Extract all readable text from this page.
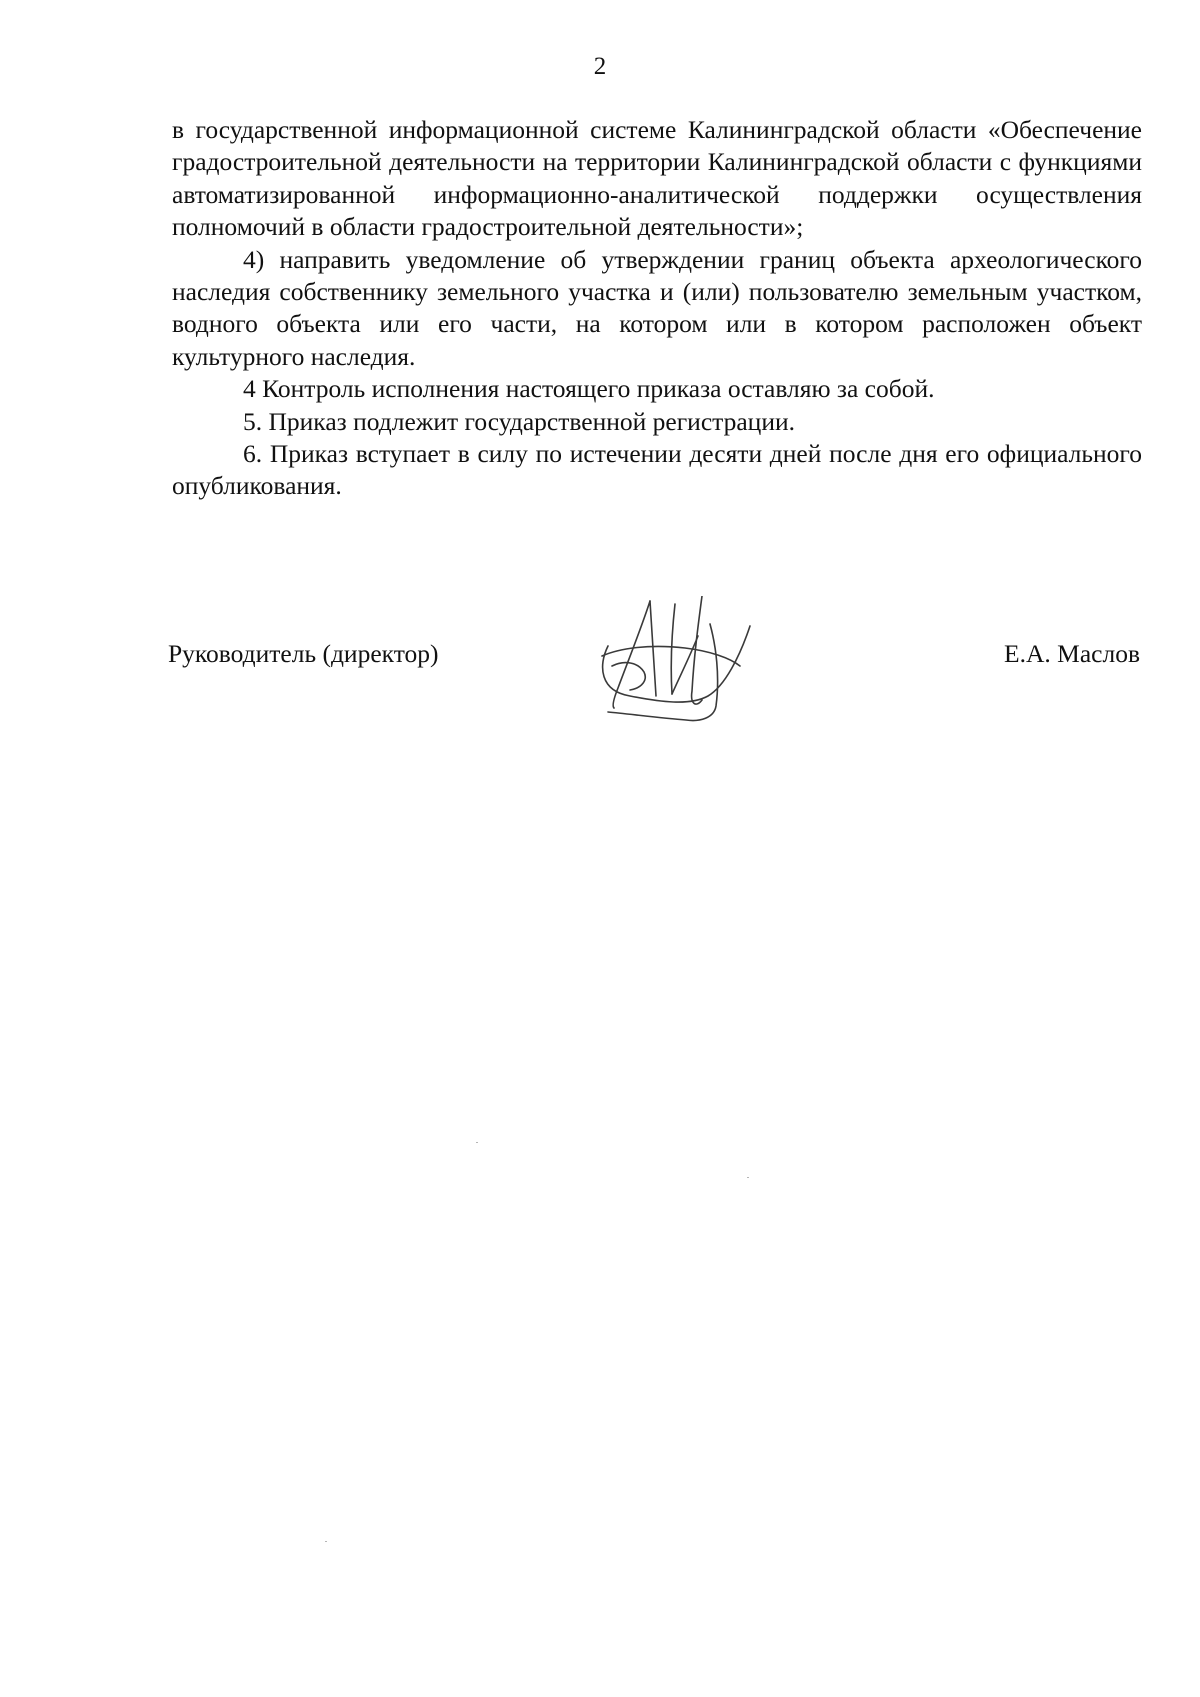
2

в государственной информационной системе Калининградской области «Обеспечение градостроительной деятельности на территории Калининградской области с функциями автоматизированной информационно-аналитической поддержки осуществления полномочий в области градостроительной деятельности»;

4) направить уведомление об утверждении границ объекта археологического наследия собственнику земельного участка и (или) пользователю земельным участком, водного объекта или его части, на котором или в котором расположен объект культурного наследия.

4 Контроль исполнения настоящего приказа оставляю за собой.

5. Приказ подлежит государственной регистрации.

6. Приказ вступает в силу по истечении десяти дней после дня его официального опубликования.

Руководитель (директор)	Е.А. Маслов
